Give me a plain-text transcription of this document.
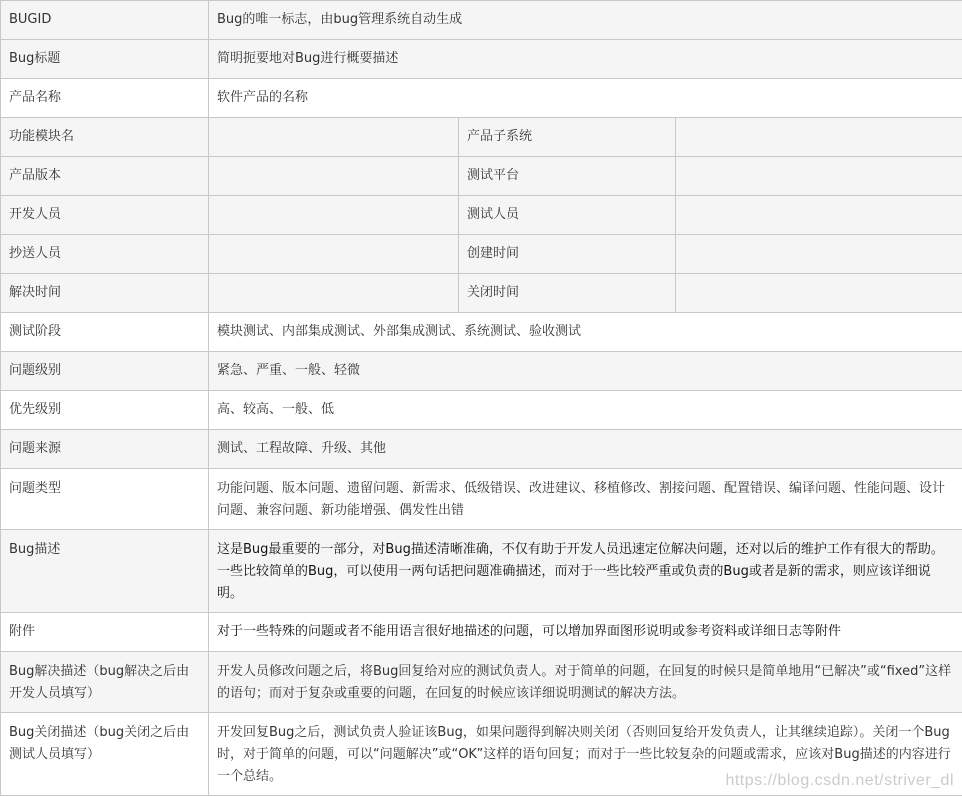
BUGID	Bug的唯一标志，由bug管理系统自动生成		
Bug标题	简明扼要地对Bug进行概要描述		
产品名称	软件产品的名称		
功能模块名		产品子系统	
产品版本		测试平台	
开发人员		测试人员	
抄送人员		创建时间	
解决时间		关闭时间	
测试阶段	模块测试、内部集成测试、外部集成测试、系统测试、验收测试		
问题级别	紧急、严重、一般、轻微		
优先级别	高、较高、一般、低		
问题来源	测试、工程故障、升级、其他		
问题类型	功能问题、版本问题、遗留问题、新需求、低级错误、改进建议、移植修改、割接问题、配置错误、编译问题、性能问题、设计问题、兼容问题、新功能增强、偶发性出错		
Bug描述	这是Bug最重要的一部分，对Bug描述清晰准确，不仅有助于开发人员迅速定位解决问题，还对以后的维护工作有很大的帮助。一些比较简单的Bug，可以使用一两句话把问题准确描述，而对于一些比较严重或负责的Bug或者是新的需求，则应该详细说明。		
附件	对于一些特殊的问题或者不能用语言很好地描述的问题，可以增加界面图形说明或参考资料或详细日志等附件		
Bug解决描述（bug解决之后由开发人员填写）	开发人员修改问题之后，将Bug回复给对应的测试负责人。对于简单的问题，在回复的时候只是简单地用“已解决”或“fixed”这样的语句；而对于复杂或重要的问题，在回复的时候应该详细说明测试的解决方法。		
Bug关闭描述（bug关闭之后由测试人员填写）	开发回复Bug之后，测试负责人验证该Bug，如果问题得到解决则关闭（否则回复给开发负责人，让其继续追踪）。关闭一个Bug时，对于简单的问题，可以“问题解决”或“OK”这样的语句回复；而对于一些比较复杂的问题或需求，应该对Bug描述的内容进行一个总结。			https://blog.csdn.net/striver_dl
